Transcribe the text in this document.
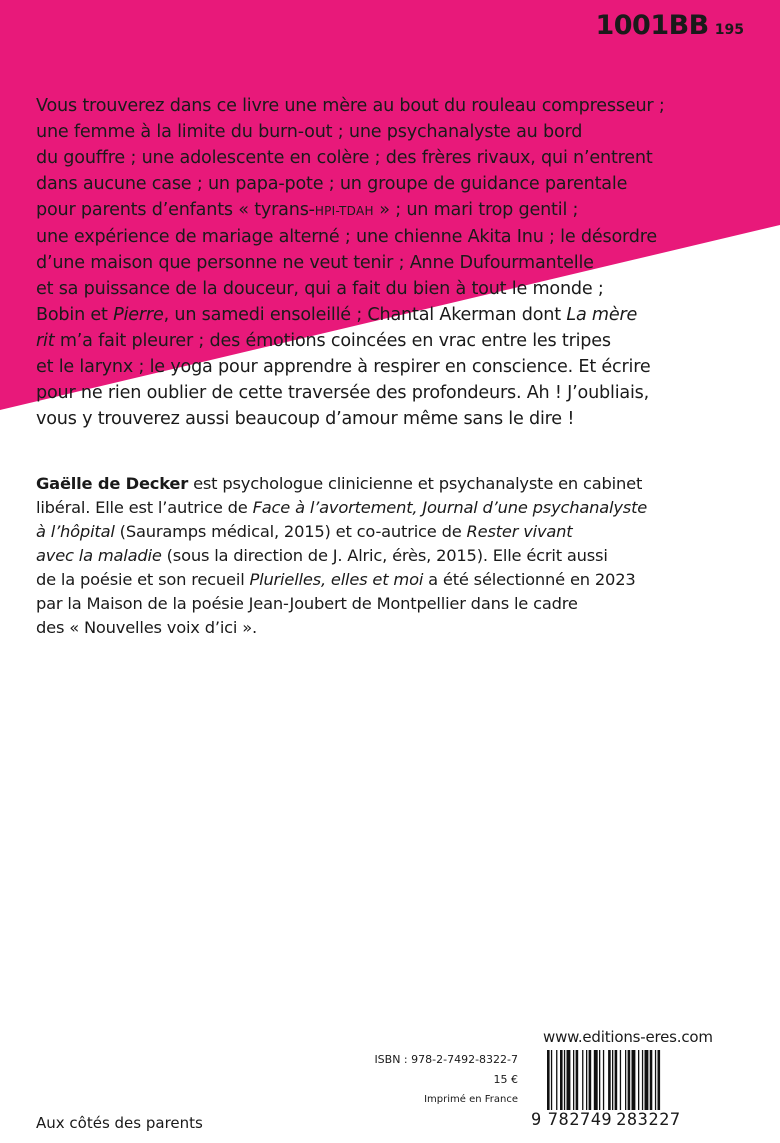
1001BB 195
Vous trouverez dans ce livre une mère au bout du rouleau compresseur ;
une femme à la limite du burn-out ; une psychanalyste au bord
du gouffre ; une adolescente en colère ; des frères rivaux, qui n’entrent
dans aucune case ; un papa-pote ; un groupe de guidance parentale
pour parents d’enfants « tyrans-HPI-TDAH » ; un mari trop gentil ;
une expérience de mariage alterné ; une chienne Akita Inu ; le désordre
d’une maison que personne ne veut tenir ; Anne Dufourmantelle
et sa puissance de la douceur, qui a fait du bien à tout le monde ;
Bobin et Pierre, un samedi ensoleillé ; Chantal Akerman dont La mère
rit m’a fait pleurer ; des émotions coincées en vrac entre les tripes
et le larynx ; le yoga pour apprendre à respirer en conscience. Et écrire
pour ne rien oublier de cette traversée des profondeurs. Ah ! J’oubliais,
vous y trouverez aussi beaucoup d’amour même sans le dire !
Gaëlle de Decker est psychologue clinicienne et psychanalyste en cabinet
libéral. Elle est l’autrice de Face à l’avortement, Journal d’une psychanalyste
à l’hôpital (Sauramps médical, 2015) et co-autrice de Rester vivant
avec la maladie (sous la direction de J. Alric, érès, 2015). Elle écrit aussi
de la poésie et son recueil Plurielles, elles et moi a été sélectionné en 2023
par la Maison de la poésie Jean-Joubert de Montpellier dans le cadre
des « Nouvelles voix d’ici ».
www.editions-eres.com
ISBN : 978-2-7492-8322-7
15 €
Imprimé en France
Aux côtés des parents	9 782749 283227
